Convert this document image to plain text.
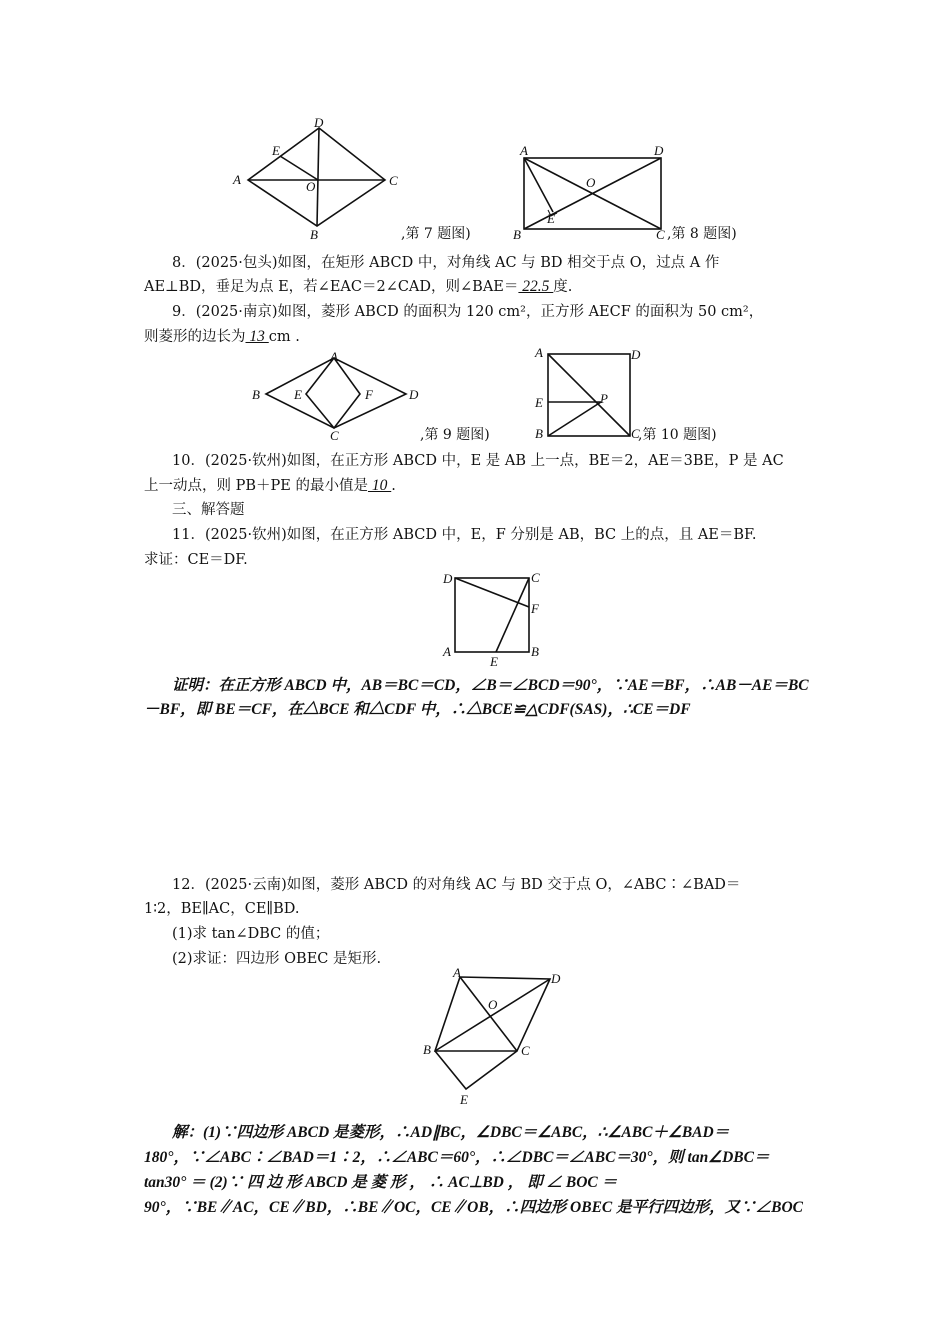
A
D
C
B
E
O
,第 7 题图)
A	D
B	C
E
O
,第 8 题图)
8．(2025·包头)如图，在矩形 ABCD 中，对角线 AC 与 BD 相交于点 O，过点 A 作
AE⊥BD，垂足为点 E，若∠EAC＝2∠CAD，则∠BAE＝ 22.5 度.
9．(2025·南京)如图，菱形 ABCD 的面积为 120 cm²，正方形 AECF 的面积为 50 cm²，
则菱形的边长为 13 cm .
A
B	D
C
E	F
,第 9 题图)
A	D
E
B	C
P
,第 10 题图)
10．(2025·钦州)如图，在正方形 ABCD 中，E 是 AB 上一点，BE＝2，AE＝3BE，P 是 AC
上一动点，则 PB＋PE 的最小值是 10 .
三、解答题
11．(2025·钦州)如图，在正方形 ABCD 中，E，F 分别是 AB，BC 上的点，且 AE＝BF.
求证：CE＝DF.
D	C
F
A	B
E
证明：在正方形 ABCD 中，AB＝BC＝CD，∠B＝∠BCD＝90°，∵AE＝BF，∴AB－AE＝BC
－BF，即 BE＝CF，在△BCE 和△CDF 中，∴△BCE≌△CDF(SAS)，∴CE＝DF
12．(2025·云南)如图，菱形 ABCD 的对角线 AC 与 BD 交于点 O，∠ABC∶∠BAD＝
1∶2，BE∥AC，CE∥BD.
(1)求 tan∠DBC 的值；
(2)求证：四边形 OBEC 是矩形.
A	D
O
B	C
E
解：(1)∵四边形 ABCD 是菱形，∴AD∥BC，∠DBC＝∠ABC，∴∠ABC＋∠BAD＝
180°，∵∠ABC∶∠BAD＝1∶2，∴∠ABC＝60°，∴∠DBC＝∠ABC＝30°，则 tan∠DBC＝
tan30° ＝ (2)∵ 四 边 形 ABCD 是 菱 形 ， ∴ AC⊥BD ， 即 ∠ BOC ＝
90°，∵BE∥AC，CE∥BD，∴BE∥OC，CE∥OB，∴四边形 OBEC 是平行四边形，又∵∠BOC
